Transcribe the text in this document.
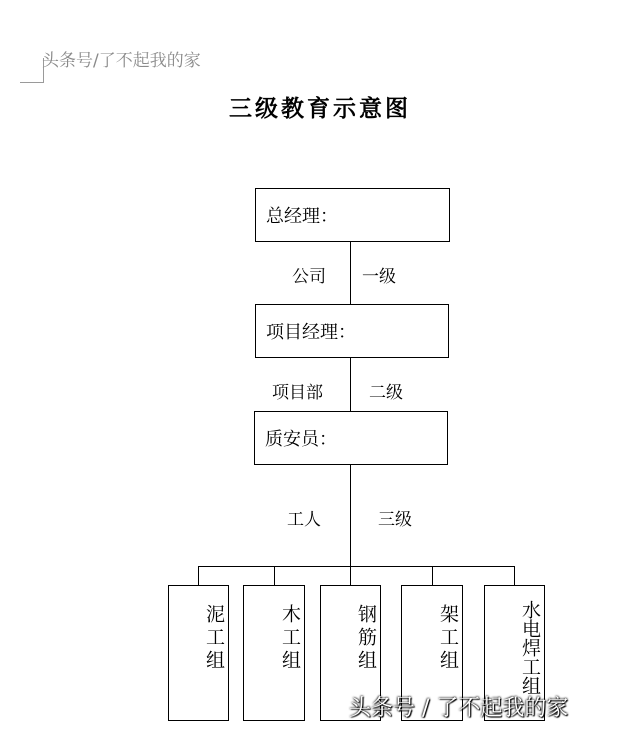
头条号/了不起我的家
三级教育示意图
总经理：
公司 一级
项目经理：
项目部	二级
质安员：
工人	三级
泥工组	木工组	钢筋组	架工组	水电焊工组
头条号 / 了不起我的家
